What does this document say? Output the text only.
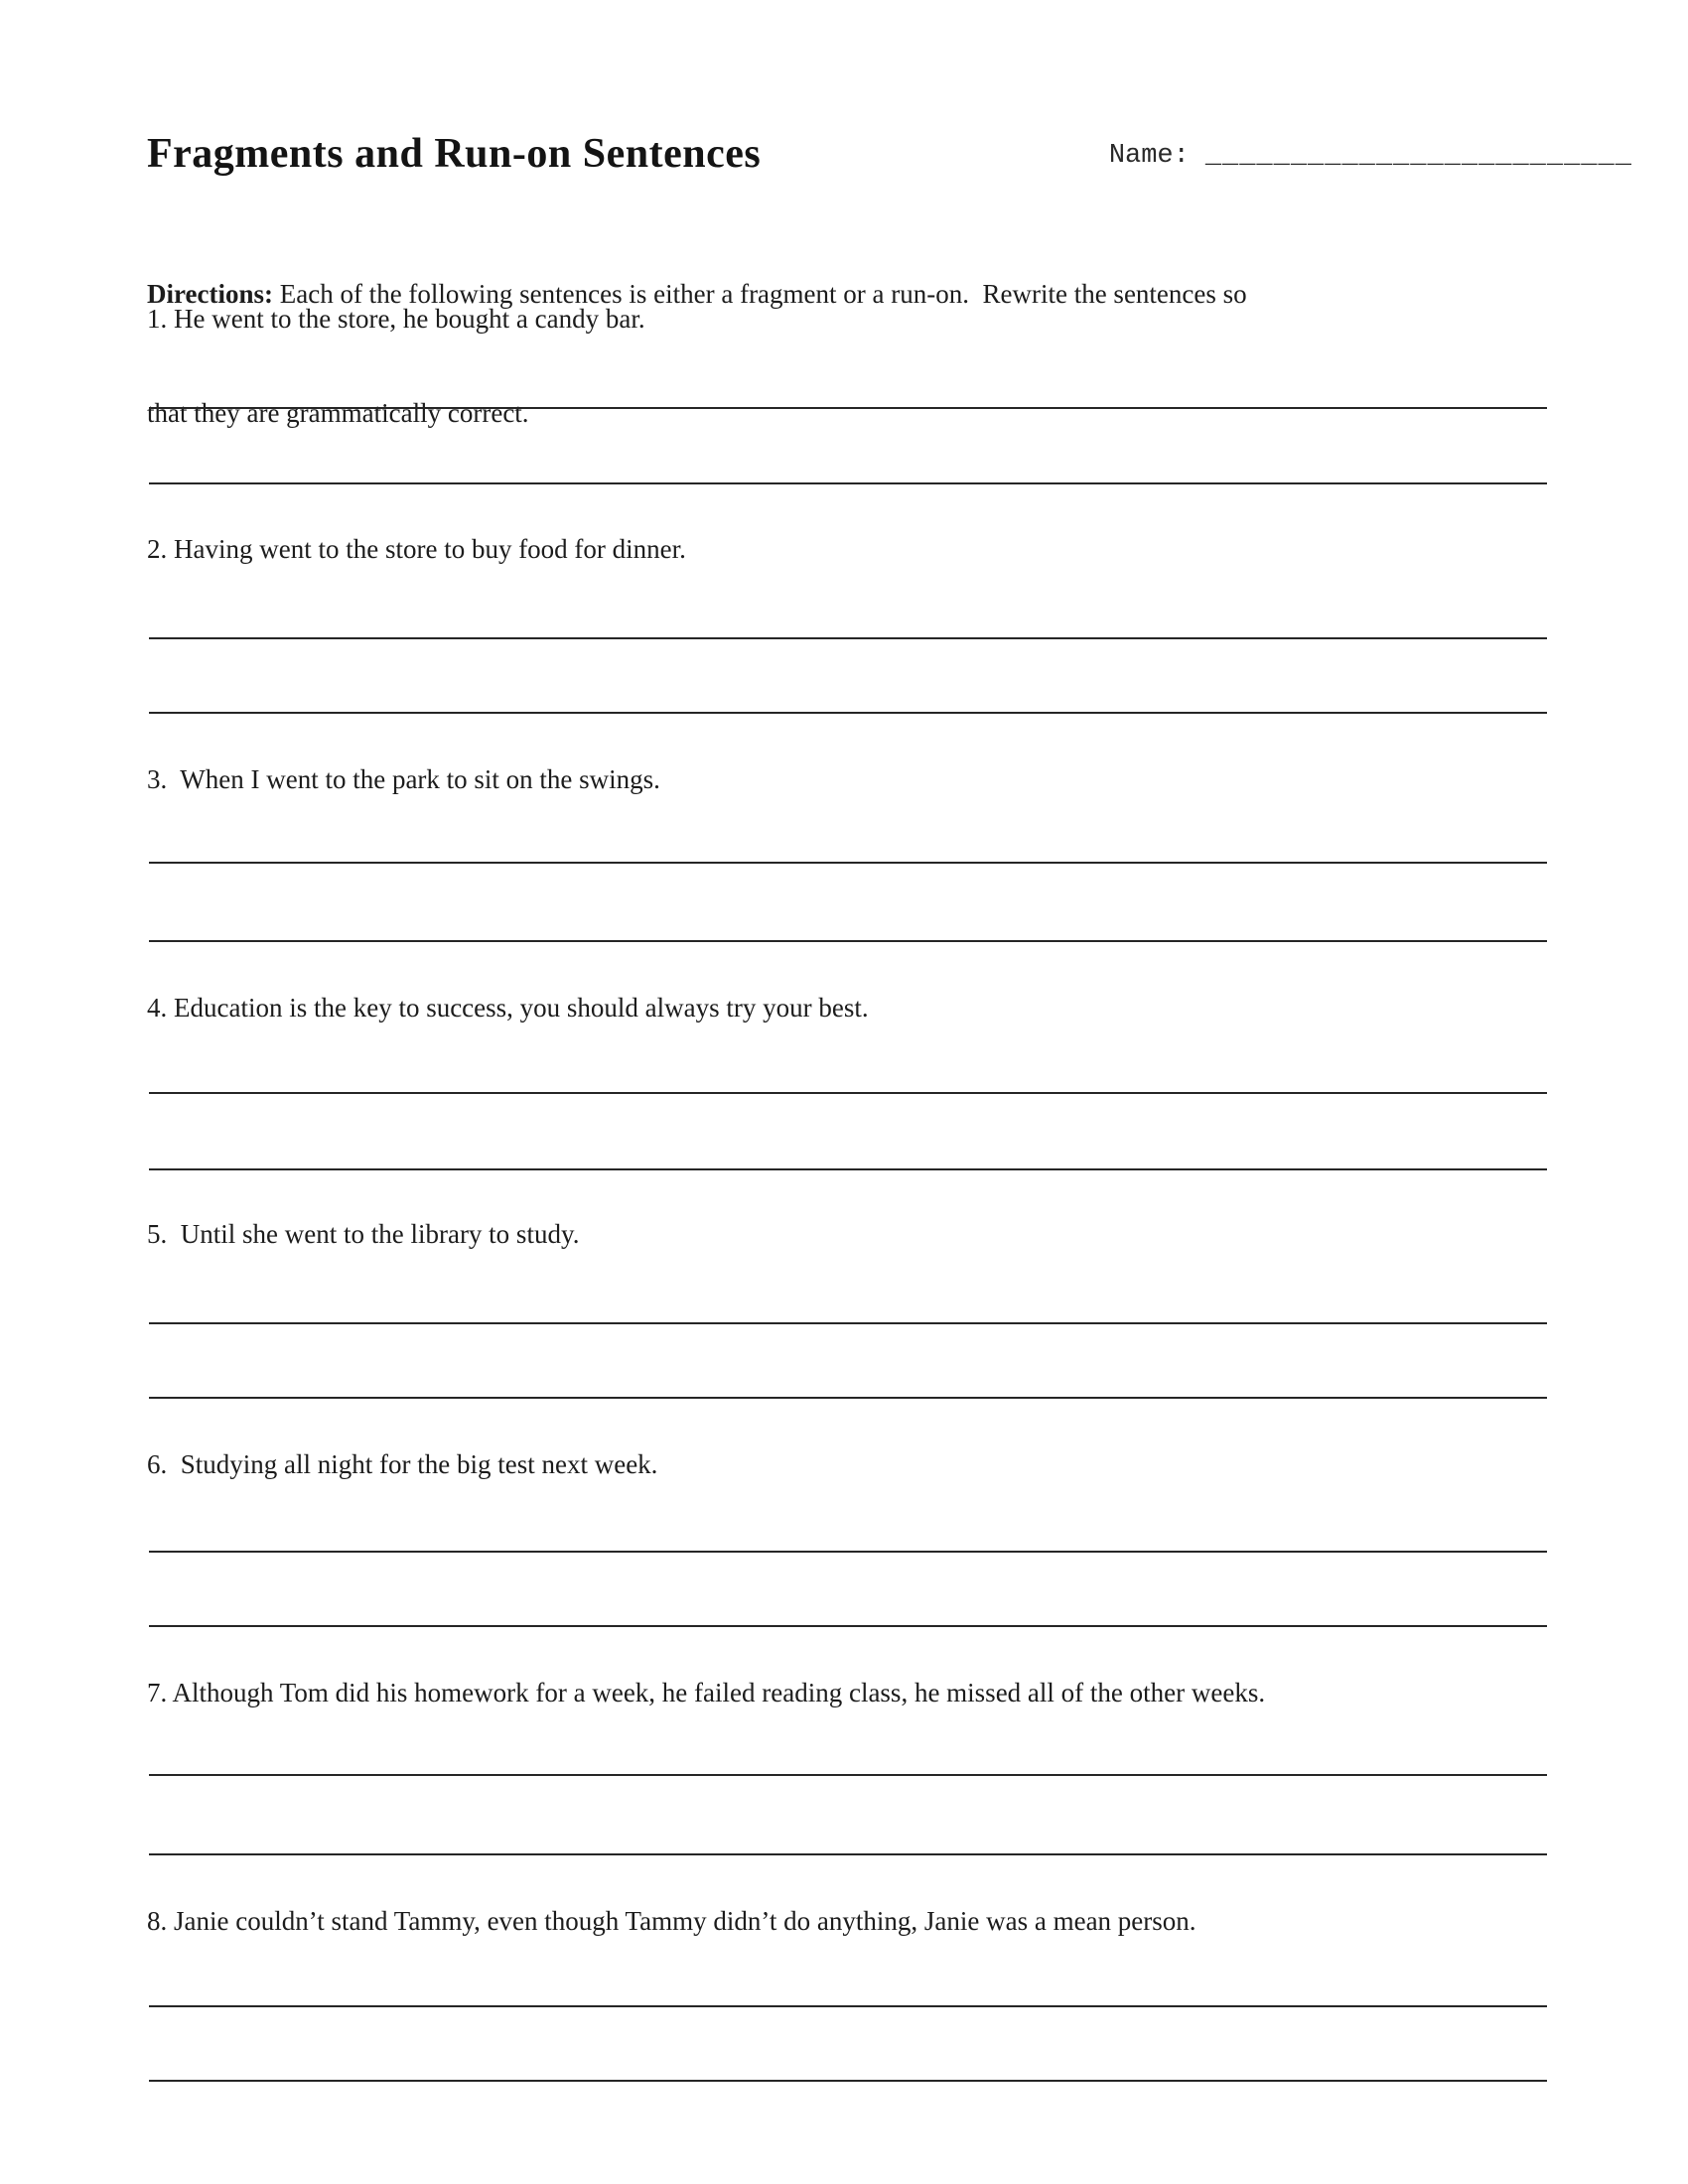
Name: _________________________

Fragments and Run-on Sentences

Directions: Each of the following sentences is either a fragment or a run-on.  Rewrite the sentences so

that they are grammatically correct.

1. He went to the store, he bought a candy bar.
2. Having went to the store to buy food for dinner.
3.  When I went to the park to sit on the swings.
4. Education is the key to success, you should always try your best.
5.  Until she went to the library to study.
6.  Studying all night for the big test next week.
7. Although Tom did his homework for a week, he failed reading class, he missed all of the other weeks.
8. Janie couldn’t stand Tammy, even though Tammy didn’t do anything, Janie was a mean person.
